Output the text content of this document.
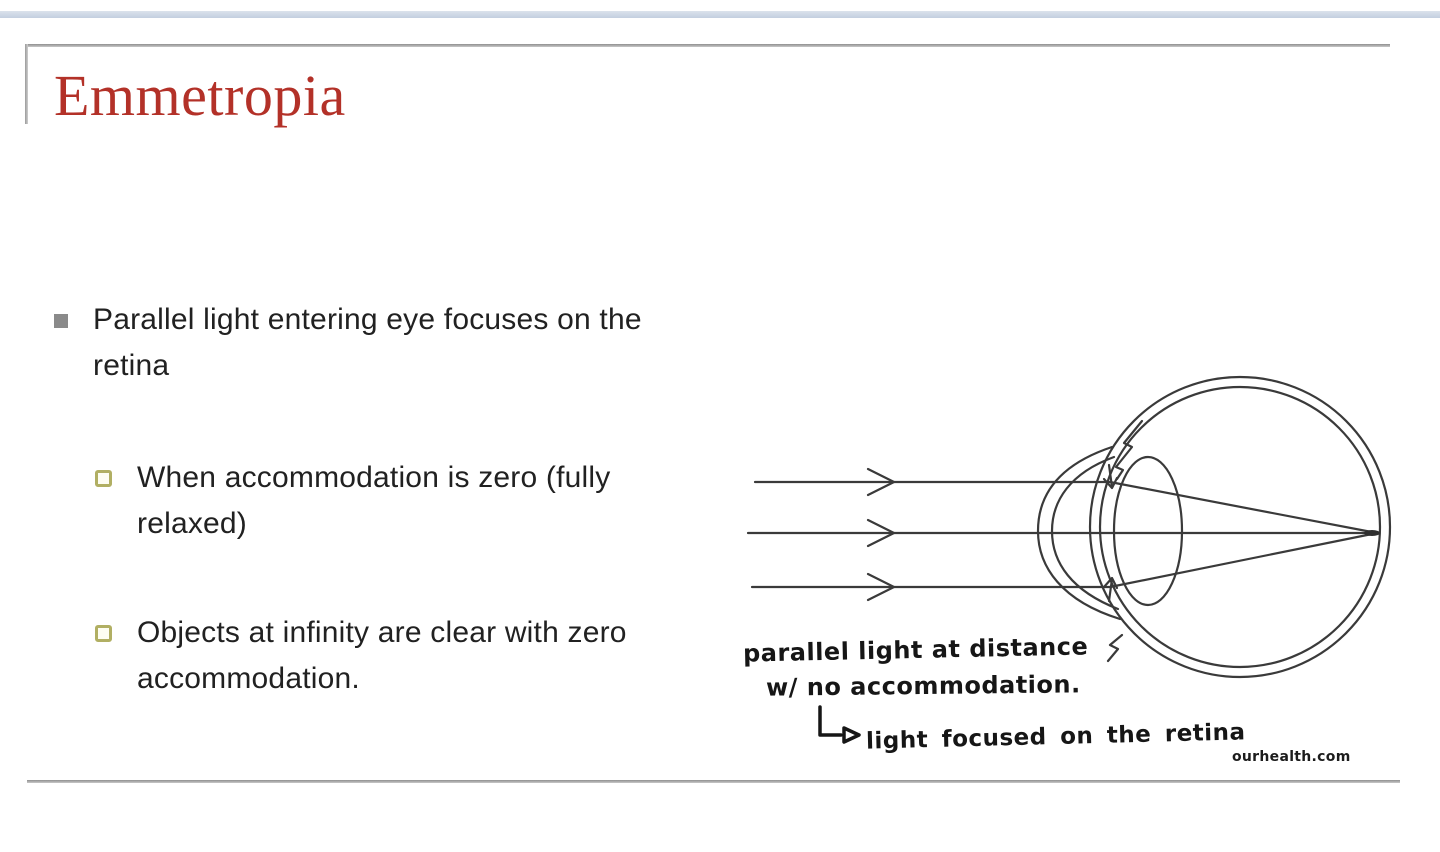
Emmetropia

Parallel light entering eye focuses on the retina

When accommodation is zero (fully relaxed)

Objects at infinity are clear with zero accommodation.

parallel light at distance
w/ no accommodation.
light focused on the retina
ourhealth.com
